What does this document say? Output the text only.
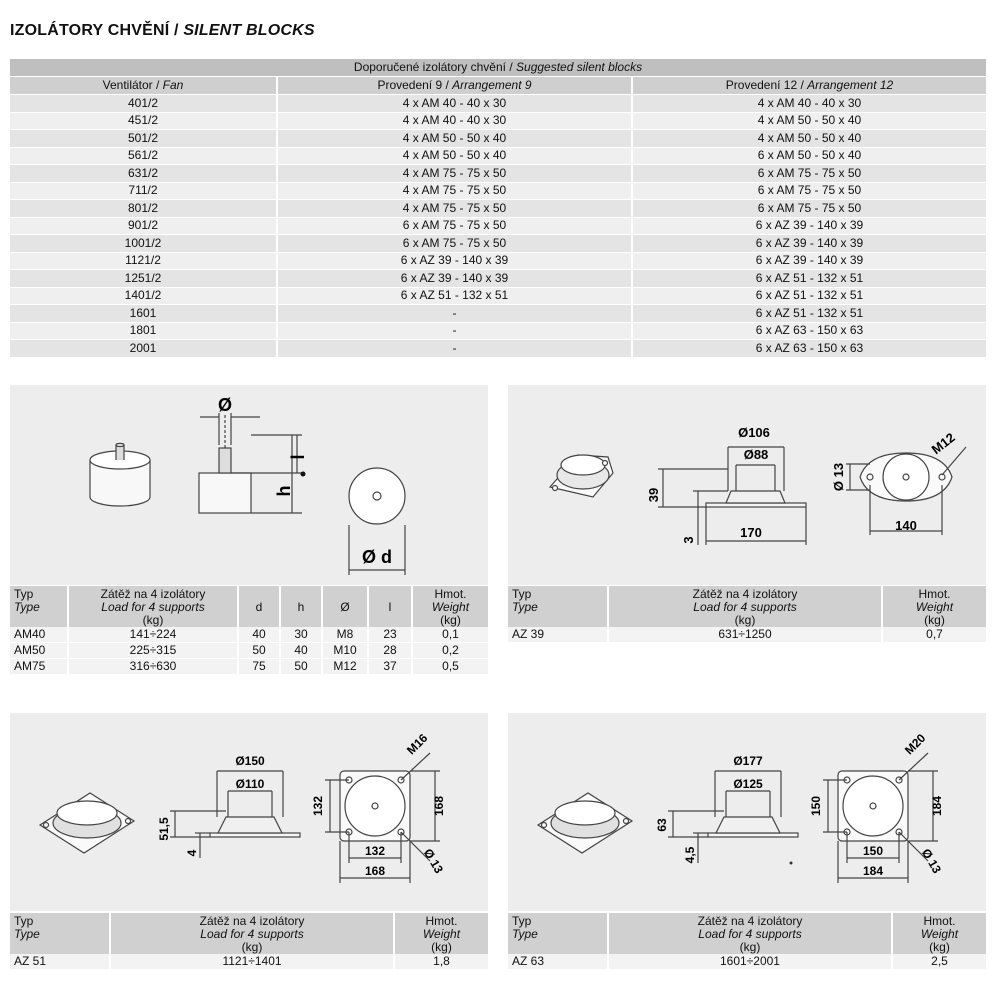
IZOLÁTORY CHVĚNÍ / SILENT BLOCKS
Doporučené izolátory chvění / Suggested silent blocks		
Ventilátor / Fan	Provedení 9 / Arrangement 9	Provedení 12 / Arrangement 12
401/2	4 x AM 40 - 40 x 30	4 x AM 40 - 40 x 30
451/2	4 x AM 40 - 40 x 30	4 x AM 50 - 50 x 40
501/2	4 x AM 50 - 50 x 40	4 x AM 50 - 50 x 40
561/2	4 x AM 50 - 50 x 40	6 x AM 50 - 50 x 40
631/2	4 x AM 75 - 75 x 50	6 x AM 75 - 75 x 50
711/2	4 x AM 75 - 75 x 50	6 x AM 75 - 75 x 50
801/2	4 x AM 75 - 75 x 50	6 x AM 75 - 75 x 50
901/2	6 x AM 75 - 75 x 50	6 x AZ 39 - 140 x 39
1001/2	6 x AM 75 - 75 x 50	6 x AZ 39 - 140 x 39
1121/2	6 x AZ 39 - 140 x 39	6 x AZ 39 - 140 x 39
1251/2	6 x AZ 39 - 140 x 39	6 x AZ 51 - 132 x 51
1401/2	6 x AZ 51 - 132 x 51	6 x AZ 51 - 132 x 51
1601	-	6 x AZ 51 - 132 x 51
1801	-	6 x AZ 63 - 150 x 63
2001	-	6 x AZ 63 - 150 x 63
Ø
h
l
Ø d
Typ
Type	Zátěž na 4 izolátory
Load for 4 supports
(kg)	d	h	Ø	l	Hmot.
Weight
(kg)
AM40	141÷224	40	30	M8	23	0,1
AM50	225÷315	50	40	M10	28	0,2
AM75	316÷630	75	50	M12	37	0,5
Ø106
Ø88
39
3	170
Ø 13
M12
140
Typ
Type	Zátěž na 4 izolátory
Load for 4 supports
(kg)	Hmot.
Weight
(kg)
AZ 39	631÷1250	0,7
Ø150
Ø110
51,5
4
132	168
132
168
M16
Ø 13
Typ
Type	Zátěž na 4 izolátory
Load for 4 supports
(kg)	Hmot.
Weight
(kg)
AZ 51	1121÷1401	1,8
Ø177
Ø125
63
4,5
150	184
150
184
M20
Ø 13
Typ
Type	Zátěž na 4 izolátory
Load for 4 supports
(kg)	Hmot.
Weight
(kg)
AZ 63	1601÷2001	2,5
